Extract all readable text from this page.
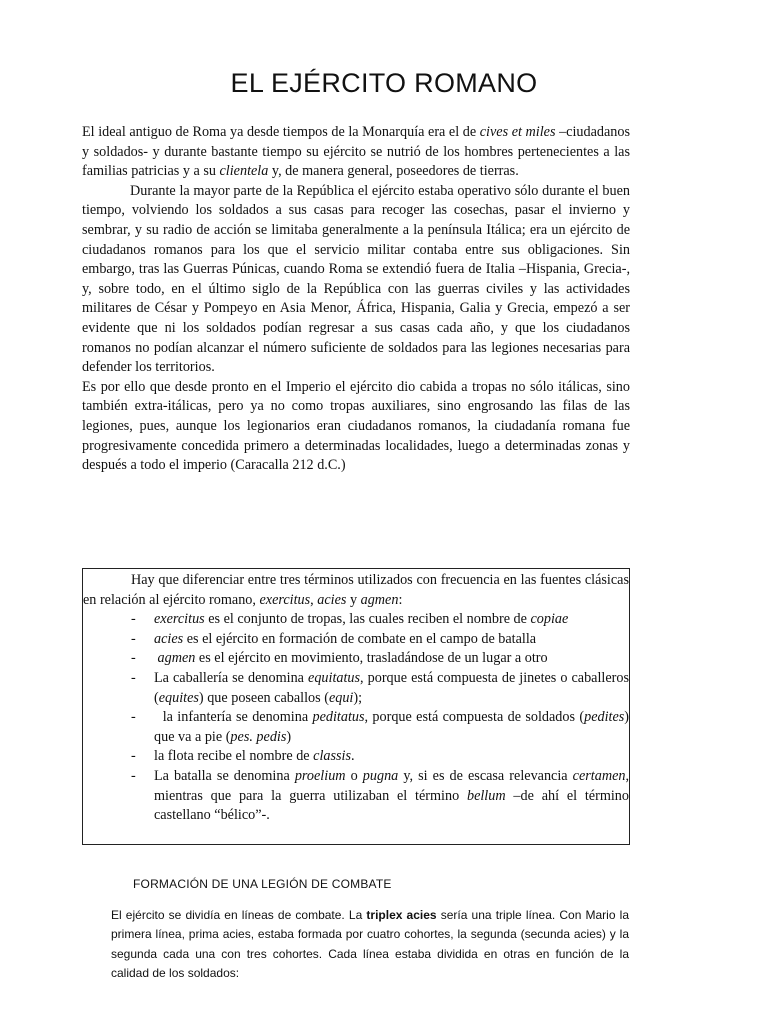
EL EJÉRCITO ROMANO

El ideal antiguo de Roma ya desde tiempos de la Monarquía era el de cives et miles –ciudadanos y soldados- y durante bastante tiempo su ejército se nutrió de los hombres pertenecientes a las familias patricias y a su clientela y, de manera general, poseedores de tierras.

Durante la mayor parte de la República el ejército estaba operativo sólo durante el buen tiempo, volviendo los soldados a sus casas para recoger las cosechas, pasar el invierno y sembrar, y su radio de acción se limitaba generalmente a la península Itálica; era un ejército de ciudadanos romanos para los que el servicio militar contaba entre sus obligaciones. Sin embargo, tras las Guerras Púnicas, cuando Roma se extendió fuera de Italia –Hispania, Grecia-, y, sobre todo, en el último siglo de la República con las guerras civiles y las actividades militares de César y Pompeyo en Asia Menor, África, Hispania, Galia y Grecia, empezó a ser evidente que ni los soldados podían regresar a sus casas cada año, y que los ciudadanos romanos no podían alcanzar el número suficiente de soldados para las legiones necesarias para defender los territorios.

Es por ello que desde pronto en el Imperio el ejército dio cabida a tropas no sólo itálicas, sino también extra-itálicas, pero ya no como tropas auxiliares, sino engrosando las filas de las legiones, pues, aunque los legionarios eran ciudadanos romanos, la ciudadanía romana fue progresivamente concedida primero a determinadas localidades, luego a determinadas zonas y después a todo el imperio (Caracalla 212 d.C.)

Hay que diferenciar entre tres términos utilizados con frecuencia en las fuentes clásicas en relación al ejército romano, exercitus, acies y agmen:

- exercitus es el conjunto de tropas, las cuales reciben el nombre de copiae
- acies es el ejército en formación de combate en el campo de batalla
- agmen es el ejército en movimiento, trasladándose de un lugar a otro
- La caballería se denomina equitatus, porque está compuesta de jinetes o caballeros (equites) que poseen caballos (equi);
- la infantería se denomina peditatus, porque está compuesta de soldados (pedites) que va a pie (pes. pedis)
- la flota recibe el nombre de classis.
- La batalla se denomina proelium o pugna y, si es de escasa relevancia certamen, mientras que para la guerra utilizaban el término bellum –de ahí el término castellano “bélico”-.
FORMACIÓN DE UNA LEGIÓN DE COMBATE

El ejército se dividía en líneas de combate. La triplex acies sería una triple línea. Con Mario la primera línea, prima acies, estaba formada por cuatro cohortes, la segunda (secunda acies) y la segunda cada una con tres cohortes. Cada línea estaba dividida en otras en función de la calidad de los soldados:
